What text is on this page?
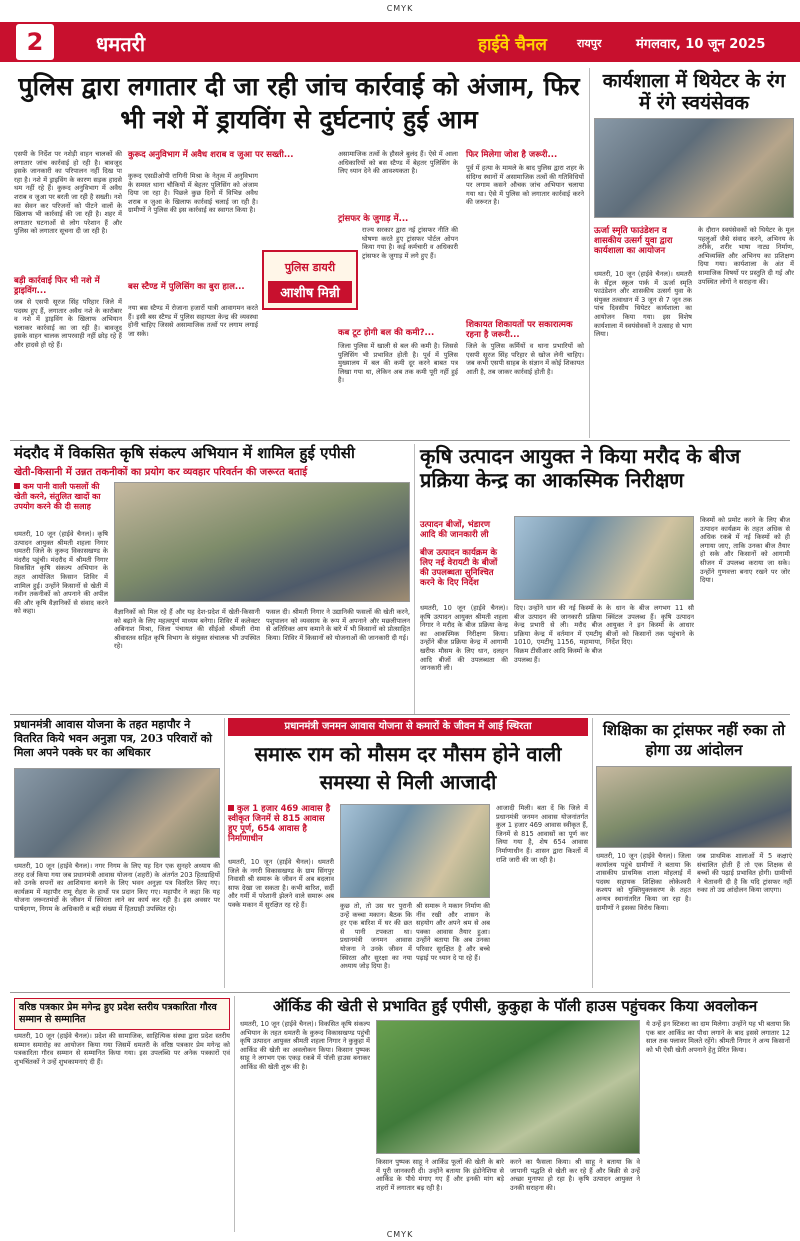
CMYK
2	धमतरी	हाईवे चैनल	रायपुर	मंगलवार, 10 जून 2025
पुलिस द्वारा लगातार दी जा रही जांच कार्रवाई को अंजाम, फिर भी नशे में ड्रायविंग से दुर्घटनाएं हुई आम
एसपी के निर्देश पर नशेड़ी वाहन चालकों की लगातार जांच कार्रवाई हो रही है। बावजूद इसके जानकारी का परिपालन नहीं दिख पा रहा है। नशे में ड्राइविंग के कारण सड़क हादसे थम नहीं रहे हैं। कुरूद अनुविभाग में अवैध शराब व जुआ पर बरती जा रही है सख्ती। नशे का सेवन कर परिजनों को पीटने वालों के खिलाफ भी कार्रवाई की जा रही है। शहर में लगातार घटनाओं से लोग परेशान हैं और पुलिस को लगातार सूचना दी जा रही है।
बड़ी कार्रवाई फिर भी नशे में ड्राइविंग...
जब से एसपी सूरज सिंह परिहार जिले में पदस्थ हुए हैं, लगातार अवैध नशे के कारोबार व नशे में ड्राइविंग के खिलाफ अभियान चलाकर कार्रवाई का जा रही है। बावजूद इसके वाहन चालक लापरवाही नहीं छोड़ रहे हैं और हादसे हो रहे हैं।
कुरूद अनुविभाग में अवैध शराब व जुआ पर सख्ती...
कुरूद एसडीओपी रागिनी मिश्रा के नेतृत्व में अनुविभाग के समस्त थाना चौकियों में बेहतर पुलिसिंग को अंजाम दिया जा रहा है। पिछले कुछ दिनों में विभिन्न अवैध शराब व जुआ के खिलाफ कार्रवाई चलाई जा रही है। ग्रामीणों ने पुलिस की इस कार्रवाई का स्वागत किया है।
बस स्टैण्ड में पुलिसिंग का बुरा हाल...
नया बस स्टैण्ड में रोजाना हजारों यात्री आवागमन करते हैं। इसी बस स्टैण्ड में पुलिस सहायता केन्द्र की व्यवस्था होनी चाहिए जिससे असामाजिक तत्वों पर लगाम लगाई जा सके।
पुलिस डायरी
आशीष मिन्नी
असामाजिक तत्वों के हौसले बुलंद हैं। ऐसे में आला अधिकारियों को बस स्टैण्ड में बेहतर पुलिसिंग के लिए ध्यान देने की आवश्यकता है।
ट्रांसफर के जुगाड़ में...
राज्य सरकार द्वारा नई ट्रांसफर नीति की घोषणा करते हुए ट्रांसफर पोर्टल ओपन किया गया है। कई कर्मचारी व अधिकारी ट्रांसफर के जुगाड़ में लगे हुए हैं।
कब टूट होगी बल की कमी?...
जिला पुलिस में खाली से बल की कमी है। जिससे पुलिसिंग भी प्रभावित होती है। पूर्व में पुलिस मुख्यालय में बल की कमी दूर करने बाबत पत्र लिखा गया था, लेकिन अब तक कमी पूरी नहीं हुई है।
फिर मिलेगा जोश है जरूरी...
पूर्व में हत्या के मामले के बाद पुलिस द्वारा शहर के संदिग्ध स्थानों में असामाजिक तत्वों की गतिविधियों पर लगाम कसने औचक जांच अभियान चलाया गया था। ऐसे में पुलिस को लगातार कार्रवाई करने की जरूरत है।
शिकायत शिकायतों पर सकारात्मक रहना है जरूरी...
जिले के पुलिस कर्मियों व थाना प्रभारियों को एसपी सूरज सिंह परिहार से खोज लेनी चाहिए। जब कभी एसपी साहब के संज्ञान में कोई शिकायत आती है, तब जाकर कार्रवाई होती है।
कार्यशाला में थियेटर के रंग में रंगे स्वयंसेवक
ऊर्जा स्मृति फाउंडेशन व शासकीय उत्सर्ग युवा द्वारा कार्यशाला का आयोजन
धमतरी, 10 जून (हाईवे चैनल)। धमतरी के सेंट्रल स्कूल पार्क में ऊर्जा स्मृति फाउंडेशन और शासकीय उत्सर्ग युवा के संयुक्त तत्वाधान में 3 जून से 7 जून तक पांच दिवसीय थियेटर कार्यशाला का आयोजन किया गया। इस विशेष कार्यशाला में स्वयंसेवकों ने उत्साह से भाग लिया।
के दौरान स्वयंसेवकों को थियेटर के मूल पहलुओं जैसे संवाद करने, अभिनय के तरीके, शरीर भाषा नाट्य निर्माण, अभिव्यक्ति और अभिनय का प्रशिक्षण दिया गया। कार्यशाला के अंत में सामाजिक विषयों पर प्रस्तुति दी गई और उपस्थित लोगों ने सराहना की।
मंदरौद में विकसित कृषि संकल्प अभियान में शामिल हुई एपीसी
खेती-किसानी में उन्नत तकनीकों का प्रयोग कर व्यवहार परिवर्तन की जरूरत बताई
कम पानी वाली फसलों की खेती करने, संतुलित खादों का उपयोग करने की दी सलाह
धमतरी, 10 जून (हाईवे चैनल)। कृषि उत्पादन आयुक्त श्रीमती शहला निगार धमतरी जिले के कुरूद विकासखण्ड के मंदरौद पहुंची। मंदरौद में श्रीमती निगार विकसित कृषि संकल्प अभियान के तहत आयोजित किसान शिविर में शामिल हुईं। उन्होंने किसानों से खेती में नवीन तकनीकों को अपनाने की अपील की और कृषि वैज्ञानिकों से संवाद करने को कहा।	वैज्ञानिकों को मिल रहे हैं और यह देश-प्रदेश में खेती-किसानी को बढ़ाने के लिए महत्वपूर्ण माध्यम बनेगा। शिविर में कलेक्टर अबिनाश मिश्रा, जिला पंचायत की सीईओ श्रीमती रोमा श्रीवास्तव सहित कृषि विभाग के संयुक्त संचालक भी उपस्थित रहे।
फसल दी। श्रीमती निगार ने उद्यानिकी फसलों की खेती करने, पशुपालन को व्यवसाय के रूप में अपनाने और मछलीपालन से अतिरिक्त आय कमाने के बारे में भी किसानों को प्रोत्साहित किया। शिविर में किसानों को योजनाओं की जानकारी दी गई।
कृषि उत्पादन आयुक्त ने किया मरौद के बीज प्रक्रिया केन्द्र का आकस्मिक निरीक्षण
उत्पादन बीजों, भंडारण आदि की जानकारी ली
बीज उत्पादन कार्यक्रम के लिए नई वेरायटी के बीजों की उपलब्धता सुनिश्चित करने के दिए निर्देश
धमतरी, 10 जून (हाईवे चैनल)। कृषि उत्पादन आयुक्त श्रीमती शहला निगार ने मरौद के बीज प्रक्रिया केन्द्र का आकस्मिक निरीक्षण किया। उन्होंने बीज प्रक्रिया केन्द्र में आगामी खरीफ मौसम के लिए धान, दलहन आदि बीजों की उपलब्धता की जानकारी ली।
दिए। उन्होंने धान की नई किस्मों के बीज उत्पादन की जानकारी प्रक्रिया केन्द्र प्रभारी से ली। मरौद बीज प्रक्रिया केन्द्र में वर्तमान में एमटीयू 1010, एमटीयू 1156, महामाया, विक्रम टीसीआर आदि किस्मों के बीज उपलब्ध हैं।
के धान के बीज लगभग 11 सौ क्विंटल उपलब्ध हैं। कृषि उत्पादन आयुक्त ने इन किस्मों के आधार बीजों को किसानों तक पहुंचाने के निर्देश दिए।
किस्मों को प्रमोट करने के लिए बीज उत्पादन कार्यक्रम के तहत अधिक से अधिक रकबे में नई किस्मों को ही लगाया जाए, ताकि उनका बीज तैयार हो सके और किसानों को आगामी सीजन में उपलब्ध कराया जा सके। उन्होंने गुणवत्ता बनाए रखने पर जोर दिया।
प्रधानमंत्री आवास योजना के तहत महापौर ने वितरित किये भवन अनुज्ञा पत्र, 203 परिवारों को मिला अपने पक्के घर का अधिकार
धमतरी, 10 जून (हाईवे चैनल)। नगर निगम के लिए यह दिन एक सुनहरे अध्याय की तरह दर्ज किया गया जब प्रधानमंत्री आवास योजना (शहरी) के अंतर्गत 203 हितग्राहियों को उनके सपनों का आशियाना बनाने के लिए भवन अनुज्ञा पत्र वितरित किए गए। कार्यक्रम में महापौर रामू रोहरा के हाथों पत्र प्रदान किए गए। महापौर ने कहा कि यह योजना जरूरतमंदों के जीवन में स्थिरता लाने का कार्य कर रही है। इस अवसर पर पार्षदगण, निगम के अधिकारी व बड़ी संख्या में हितग्राही उपस्थित रहे।
प्रधानमंत्री जनमन आवास योजना से कमारों के जीवन में आई स्थिरता
समारू राम को मौसम दर मौसम होने वाली समस्या से मिली आजादी
कुल 1 हजार 469 आवास है स्वीकृत जिनमें से 815 आवास हुए पूर्ण, 654 आवास है निर्माणाधीन
धमतरी, 10 जून (हाईवे चैनल)। धमतरी जिले के नगरी विकासखण्ड के ग्राम सिंगपुर निवासी श्री समारू के जीवन में अब बदलाव साफ देखा जा सकता है। कभी बारिश, सर्दी और गर्मी में परेशानी झेलने वाले समारू अब पक्के मकान में सुरक्षित रह रहे हैं।	कुछ तो, तो उस घर पुरानी उन्हें कच्चा मकान। बैठक कि हर एक बारिश में घर की छत से पानी टपकता था। प्रधानमंत्री जनमन आवास योजना ने उनके जीवन में स्थिरता और सुरक्षा का नया अध्याय जोड़ दिया है।
श्री समारू ने मकान निर्माण की नींव रखी और शासन के सहयोग और अपने श्रम से अब पक्का आवास तैयार हुआ। उन्होंने बताया कि अब उनका परिवार सुरक्षित है और बच्चे पढ़ाई पर ध्यान दे पा रहे हैं।
आजादी मिली। बता दें कि जिले में प्रधानमंत्री जनमन आवास योजनांतर्गत कुल 1 हजार 469 आवास स्वीकृत हैं, जिनमें से 815 आवासों का पूर्ण कर लिया गया है, शेष 654 आवास निर्माणाधीन हैं। शासन द्वारा किश्तों में राशि जारी की जा रही है।
शिक्षिका का ट्रांसफर नहीं रुका तो होगा उग्र आंदोलन
धमतरी, 10 जून (हाईवे चैनल)। जिला कार्यालय पहुंचे ग्रामीणों ने बताया कि शासकीय प्राथमिक शाला मोहलाई में पदस्थ सहायक शिक्षिका लोकेश्वरी कश्यप को युक्तियुक्तकरण के तहत अन्यत्र स्थानांतरित किया जा रहा है। ग्रामीणों ने इसका विरोध किया।
जब प्राथमिक शालाओं में 5 कक्षाएं संचालित होती हैं तो एक शिक्षक से बच्चों की पढ़ाई प्रभावित होगी। ग्रामीणों ने चेतावनी दी है कि यदि ट्रांसफर नहीं रुका तो उग्र आंदोलन किया जाएगा।
ऑर्किड की खेती से प्रभावित हुईं एपीसी, कुकुहा के पॉली हाउस पहुंचकर किया अवलोकन
धमतरी, 10 जून (हाईवे चैनल)। विकसित कृषि संकल्प अभियान के तहत धमतरी के कुरूद विकासखण्ड पहुंची कृषि उत्पादन आयुक्त श्रीमती शहला निगार ने कुकुहा में आर्किड की खेती का अवलोकन किया। किसान पुष्पक साहू ने लगभग एक एकड़ रकबे में पॉली हाउस बनाकर आर्किड की खेती शुरू की है।
किसान पुष्पक साहू ने आर्किड फूलों की खेती के बारे में पूरी जानकारी दी। उन्होंने बताया कि इंडोनेशिया से आर्किड के पौधे मंगाए गए हैं और इनकी मांग बड़े शहरों में लगातार बढ़ रही है।
करने का फैसला किया। श्री साहू ने बताया कि वे जापानी पद्धति से खेती कर रहे हैं और बिक्री से उन्हें अच्छा मुनाफा हो रहा है। कृषि उत्पादन आयुक्त ने उनकी सराहना की।
ये उन्हें इन स्टिकरा का दाम मिलेगा। उन्होंने यह भी बताया कि एक बार आर्किड का पौधा लगाने के बाद इससे लगातार 12 साल तक फ्लावर मिलते रहेंगे। श्रीमती निगार ने अन्य किसानों को भी ऐसी खेती अपनाने हेतु प्रेरित किया।
वरिष्ठ पत्रकार प्रेम मगेन्द्र हुए प्रदेश स्तरीय पत्रकारिता गौरव सम्मान से सम्मानित
धमतरी, 10 जून (हाईवे चैनल)। प्रदेश की सामाजिक, साहित्यिक संस्था द्वारा प्रदेश स्तरीय सम्मान समारोह का आयोजन किया गया जिसमें धमतरी के वरिष्ठ पत्रकार प्रेम मगेन्द्र को पत्रकारिता गौरव सम्मान से सम्मानित किया गया। इस उपलब्धि पर अनेक पत्रकारों एवं शुभचिंतकों ने उन्हें शुभकामनाएं दी हैं।
CMYK
